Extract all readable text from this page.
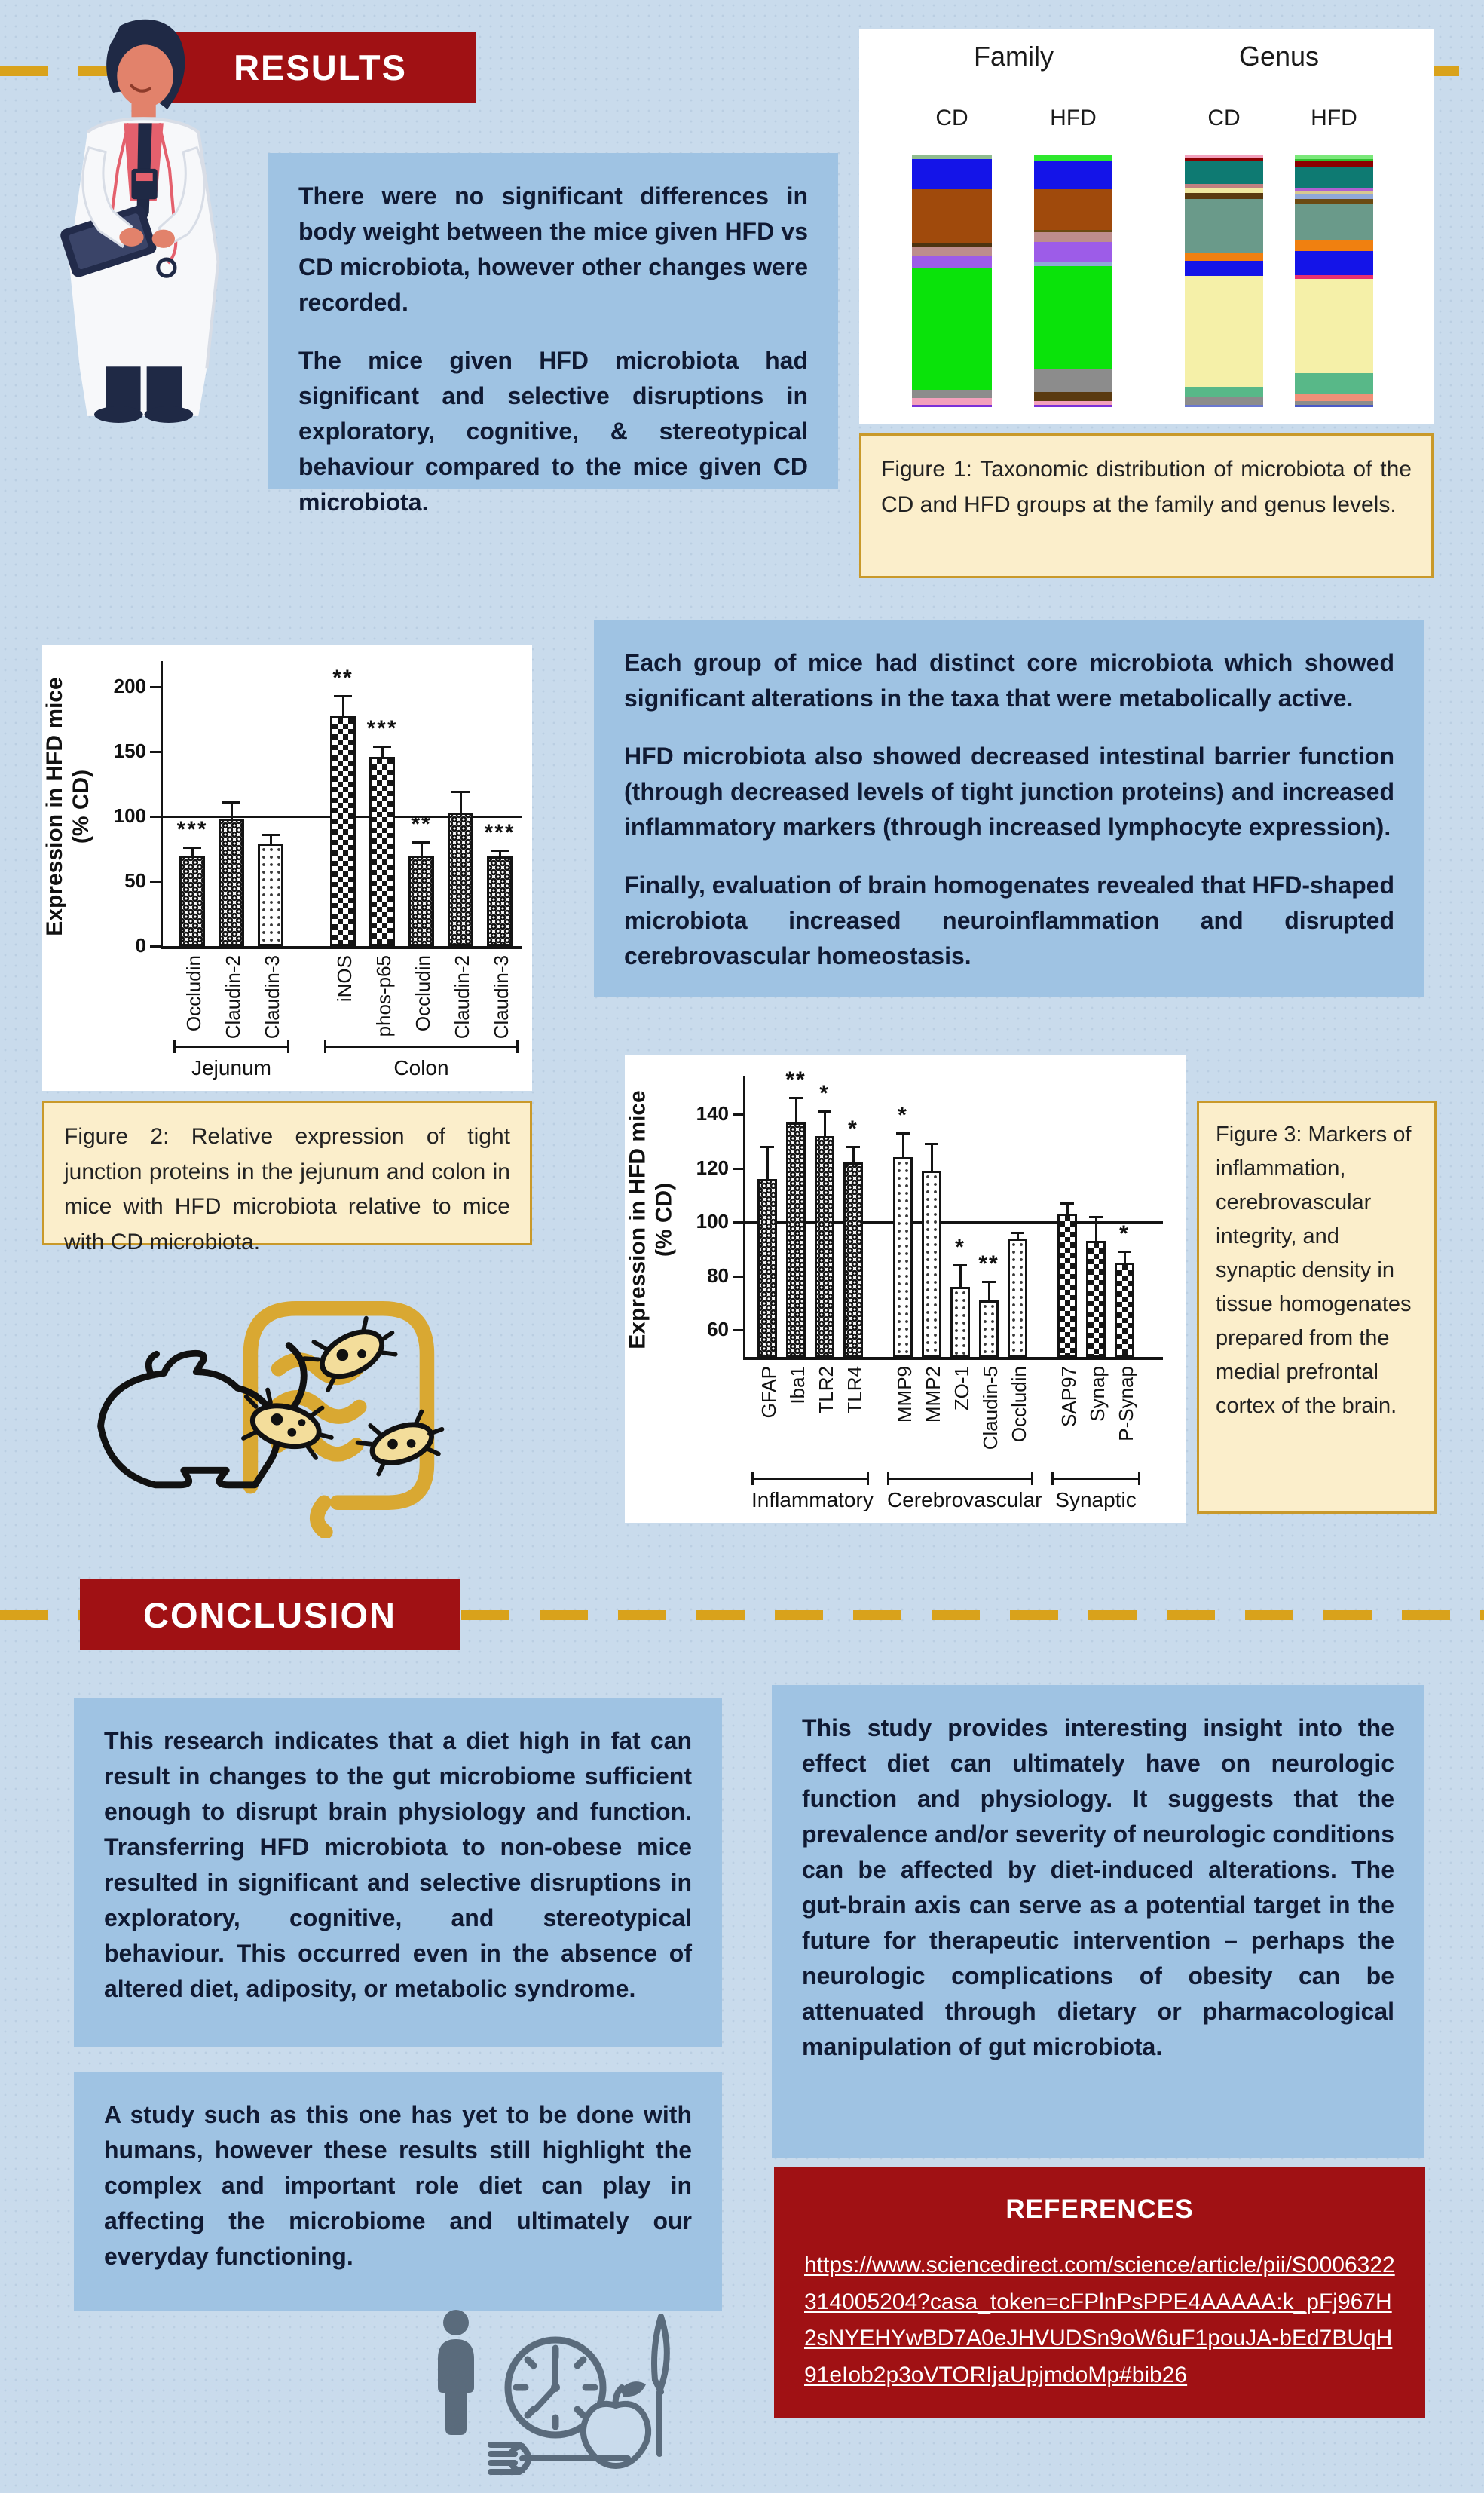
RESULTS

There were no significant differences in body weight between the mice given HFD vs CD microbiota, however other changes were recorded.

The mice given HFD microbiota had significant and selective disruptions in exploratory, cognitive, & stereotypical behaviour compared to the mice given CD microbiota.

Family	Genus
CD	HFD	CD	HFD
Figure 1: Taxonomic distribution of microbiota of the CD and HFD groups at the family and genus levels.

Each group of mice had distinct core microbiota which showed significant alterations in the taxa that were metabolically active.

HFD microbiota also showed decreased intestinal barrier function (through decreased levels of tight junction proteins) and increased inflammatory markers (through increased lymphocyte expression).

Finally, evaluation of brain homogenates revealed that HFD-shaped microbiota increased neuroinflammation and disrupted cerebrovascular homeostasis.

Expression in HFD mice (% CD)
0
50
100
150
200
***
Occludin Claudin-2 Claudin-3
**
iNOS
***
phos-p65
**
Occludin Claudin-2
***
Claudin-3
Jejunum	Colon
Figure 2: Relative expression of tight junction proteins in the jejunum and colon in mice with HFD microbiota relative to mice with CD microbiota.	Expression in HFD mice (% CD)
60
80
100
120
140
GFAP
**
Iba1
*
TLR2
*
TLR4
*
MMP9 MMP2
*
ZO-1
**
Claudin-5 Occludin SAP97 Synap
*
P-Synap
Inflammatory Cerebrovascular Synaptic
Figure 3: Markers of inflammation, cerebrovascular integrity, and synaptic density in tissue homogenates prepared from the medial prefrontal cortex of the brain.
CONCLUSION

This research indicates that a diet high in fat can result in changes to the gut microbiome sufficient enough to disrupt brain physiology and function. Transferring HFD microbiota to non-obese mice resulted in significant and selective disruptions in exploratory, cognitive, and stereotypical behaviour. This occurred even in the absence of altered diet, adiposity, or metabolic syndrome.

A study such as this one has yet to be done with humans, however these results still highlight the complex and important role diet can play in affecting the microbiome and ultimately our everyday functioning.

This study provides interesting insight into the effect diet can ultimately have on neurologic function and physiology. It suggests that the prevalence and/or severity of neurologic conditions can be affected by diet-induced alterations. The gut-brain axis can serve as a potential target in the future for therapeutic intervention – perhaps the neurologic complications of obesity can be attenuated through dietary or pharmacological manipulation of gut microbiota.

REFERENCES
https://www.sciencedirect.com/science/article/pii/S0006322314005204?casa_token=cFPlnPsPPE4AAAAA:k_pFj967H2sNYEHYwBD7A0eJHVUDSn9oW6uF1pouJA-bEd7BUqH91eIob2p3oVTORIjaUpjmdoMp#bib26
